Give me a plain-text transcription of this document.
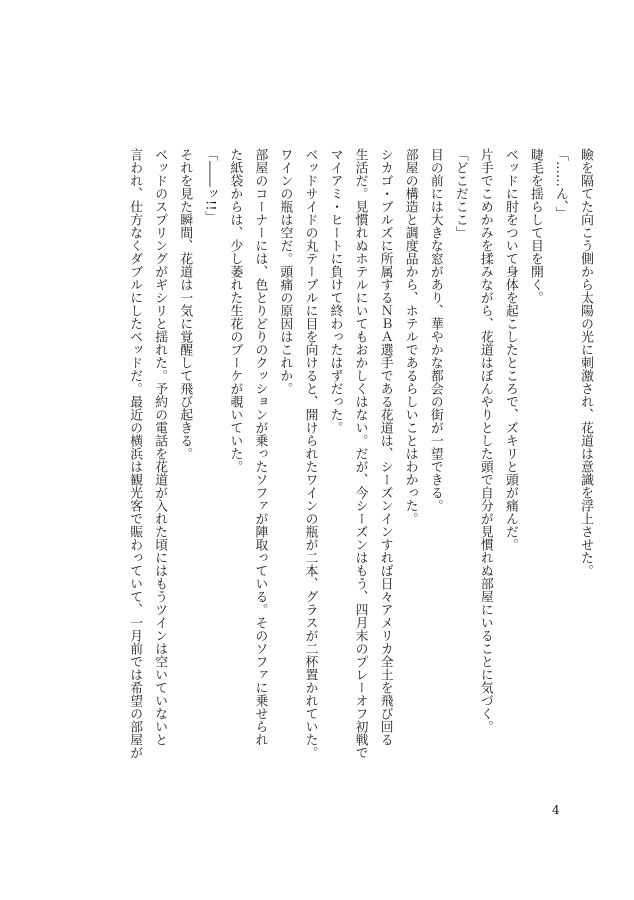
瞼を隔てた向こう側から太陽の光に刺激され、花道は意識を浮上させた。
「……ん、」
睫毛を揺らして目を開く。
ベッドに肘をついて身体を起こしたところで、ズキリと頭が痛んだ。
片手でこめかみを揉みながら、花道はぼんやりとした頭で自分が見慣れぬ部屋にいることに気づく。
「どこだここ」
目の前には大きな窓があり、華やかな都会の街が一望できる。
部屋の構造と調度品から、ホテルであるらしいことはわかった。
シカゴ・ブルズに所属するＮＢＡ選手である花道は、シーズンインすれば日々アメリカ全土を飛び回る
生活だ。見慣れぬホテルにいてもおかしくはない。だが、今シーズンはもう、四月末のプレーオフ初戦で
マイアミ・ヒートに負けて終わったはずだった。
ベッドサイドの丸テーブルに目を向けると、開けられたワインの瓶が二本、グラスが二杯置かれていた。
ワインの瓶は空だ。頭痛の原因はこれか。
部屋のコーナーには、色とりどりのクッションが乗ったソファが陣取っている。そのソファに乗せられ
た紙袋からは、少し萎れた生花のブーケが覗いていた。
「――ッ!!」
それを見た瞬間、花道は一気に覚醒して飛び起きる。
ベッドのスプリングがギシリと揺れた。予約の電話を花道が入れた頃にはもうツインは空いていないと
言われ、仕方なくダブルにしたベッドだ。最近の横浜は観光客で賑わっていて、一月前では希望の部屋が
4
